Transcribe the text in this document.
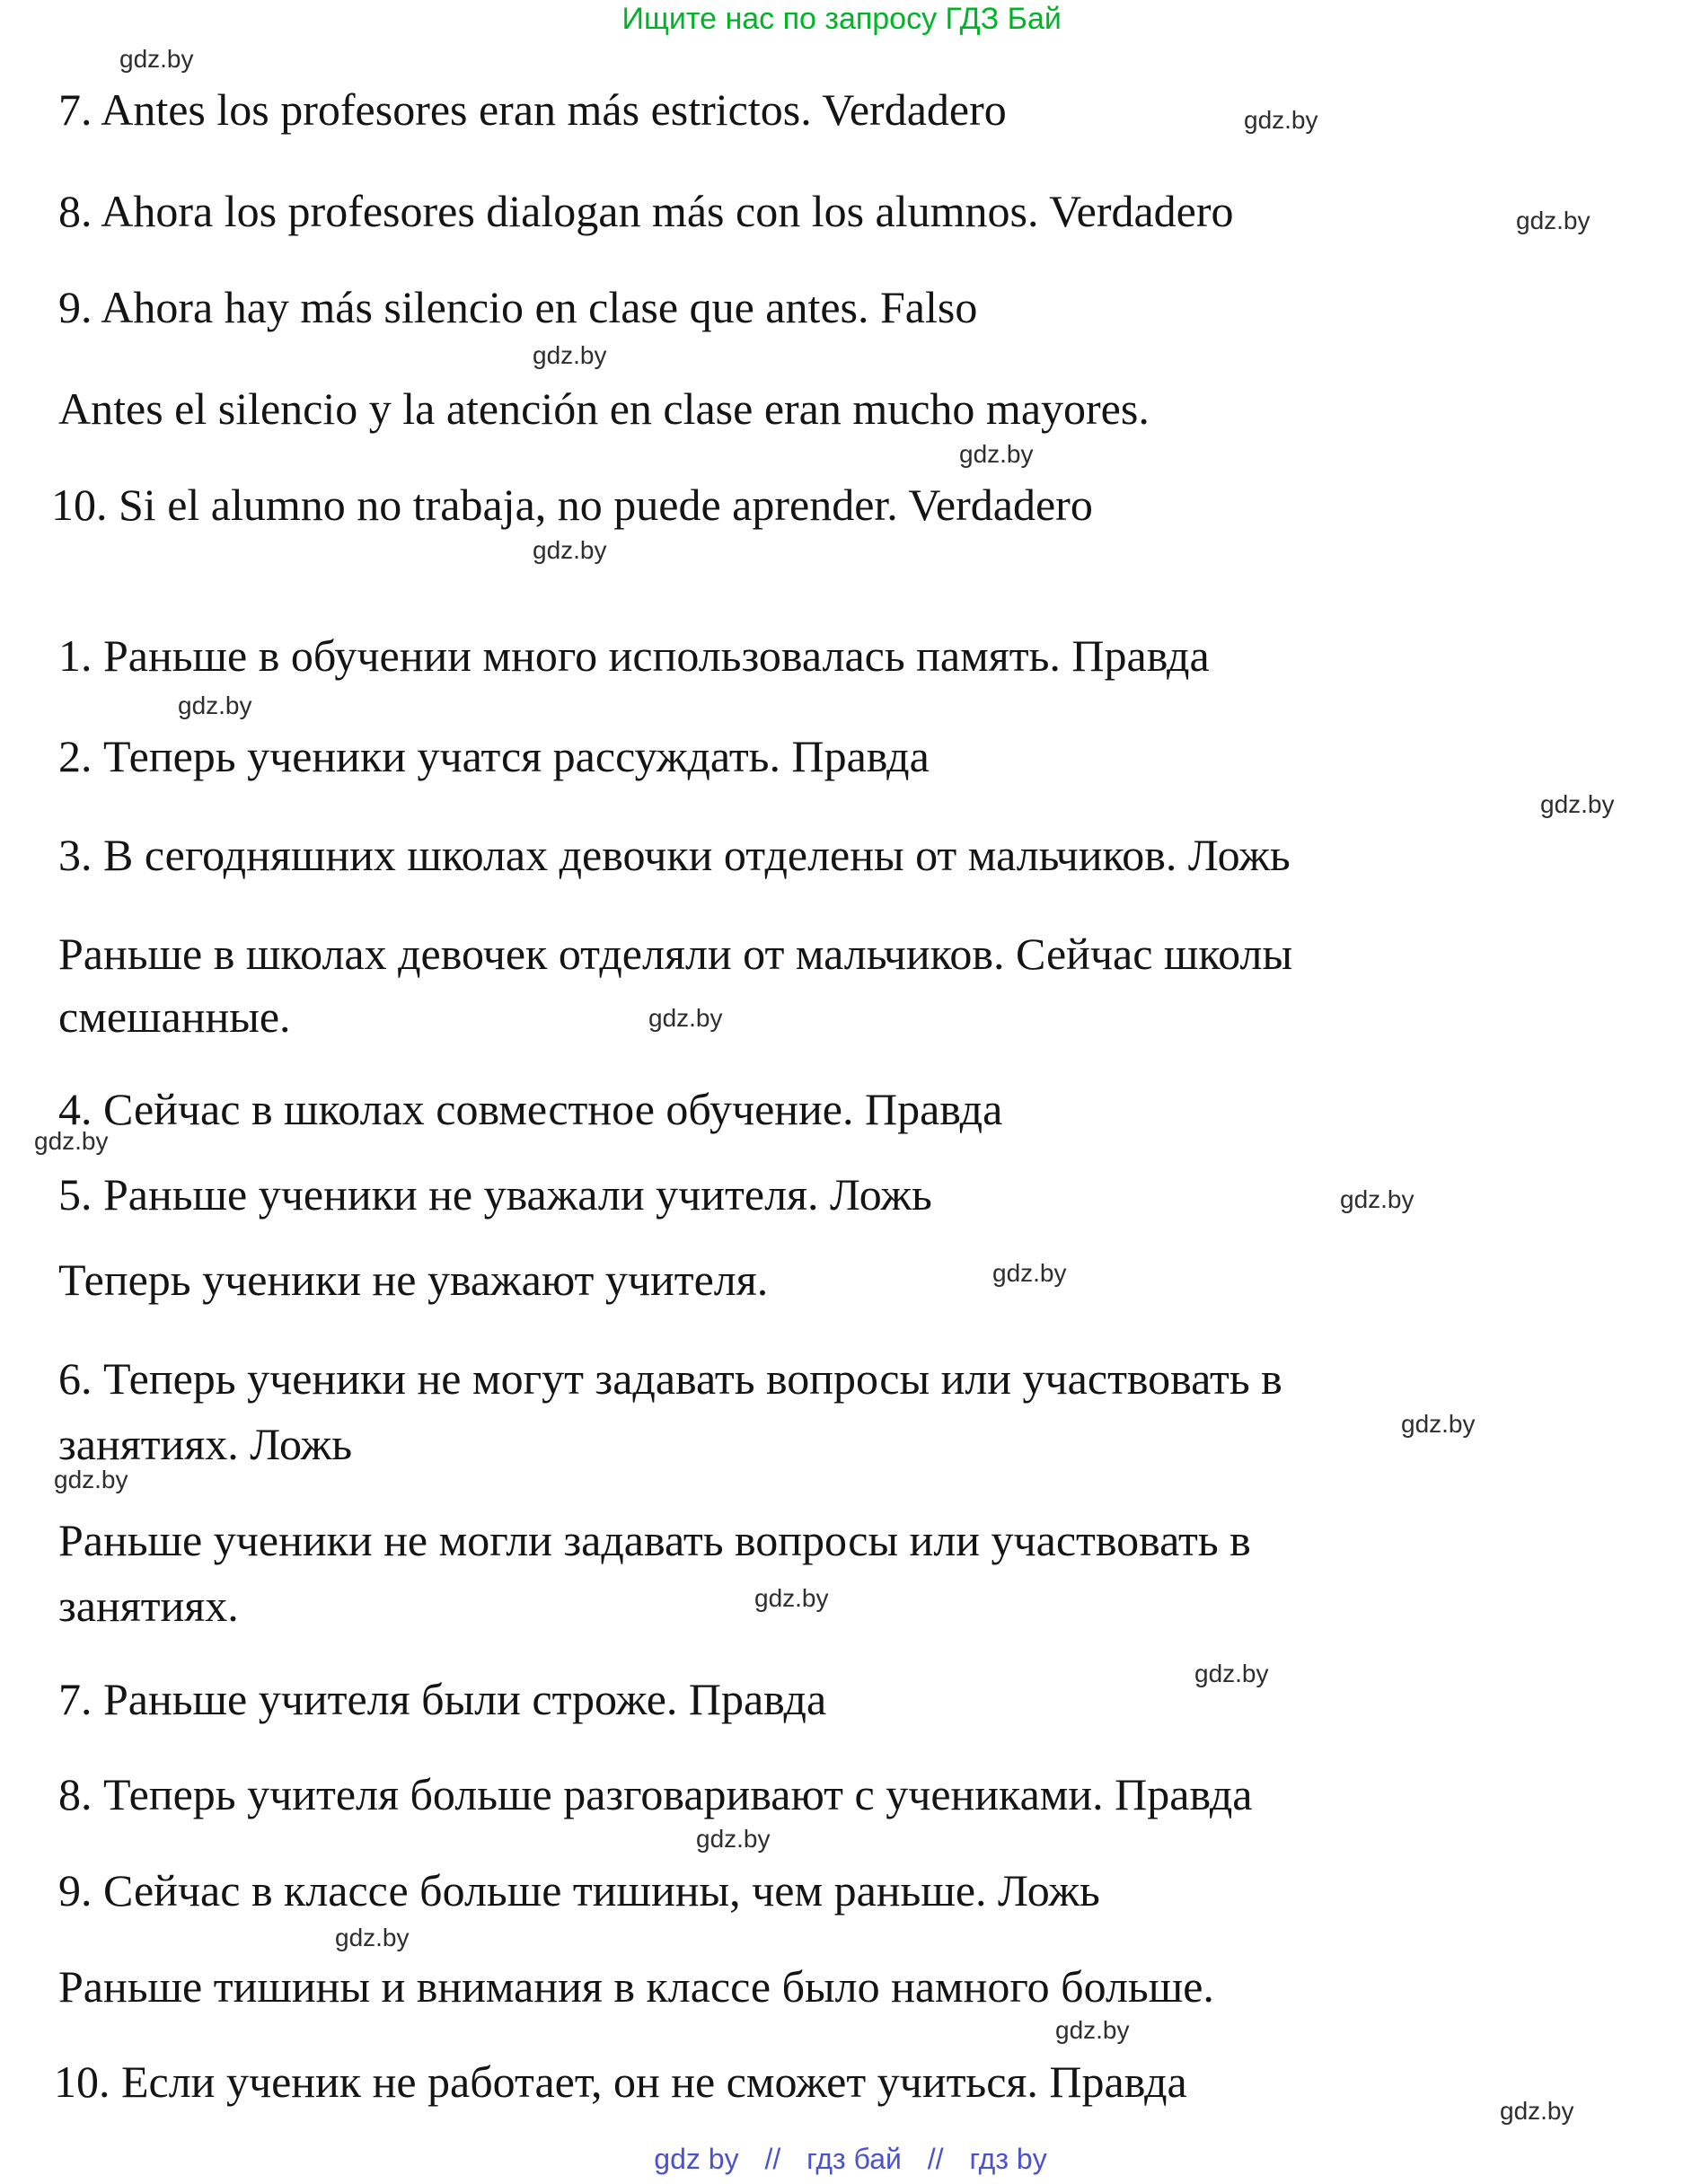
Ищите нас по запросу ГДЗ Бай
gdz.by
7. Antes los profesores eran más estrictos. Verdadero	gdz.by
8. Ahora los profesores dialogan más con los alumnos. Verdadero	gdz.by
9. Ahora hay más silencio en clase que antes. Falso
gdz.by
Antes el silencio y la atención en clase eran mucho mayores.
gdz.by
10. Si el alumno no trabaja, no puede aprender. Verdadero
gdz.by
1. Раньше в обучении много использовалась память. Правда
gdz.by
2. Теперь ученики учатся рассуждать. Правда
gdz.by
3. В сегодняшних школах девочки отделены от мальчиков. Ложь
Раньше в школах девочек отделяли от мальчиков. Сейчас школы
смешанные.	gdz.by
4. Сейчас в школах совместное обучение. Правда
gdz.by
5. Раньше ученики не уважали учителя. Ложь	gdz.by
Теперь ученики не уважают учителя.	gdz.by
6. Теперь ученики не могут задавать вопросы или участвовать в
gdz.by
занятиях. Ложь
gdz.by
Раньше ученики не могли задавать вопросы или участвовать в
занятиях.	gdz.by
gdz.by
7. Раньше учителя были строже. Правда
8. Теперь учителя больше разговаривают с учениками. Правда
gdz.by
9. Сейчас в классе больше тишины, чем раньше. Ложь
gdz.by
Раньше тишины и внимания в классе было намного больше.
gdz.by
10. Если ученик не работает, он не сможет учиться. Правда
gdz.by
gdz by // гдз бай // гдз by
